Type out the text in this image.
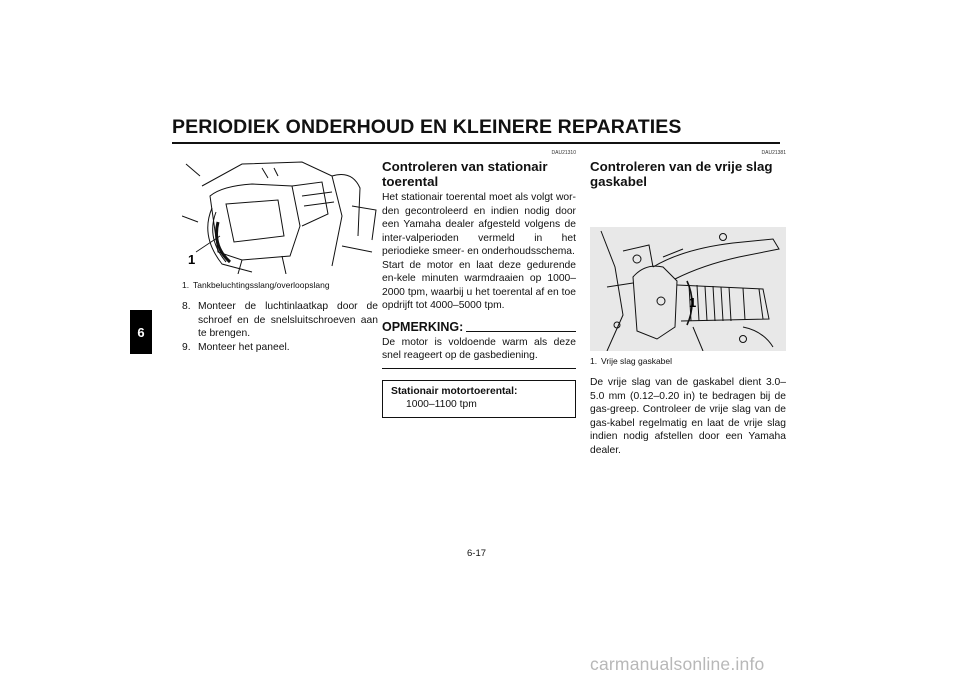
PERIODIEK ONDERHOUD EN KLEINERE REPARATIES
6
1
1. Tankbeluchtingsslang/overloopslang
8. Monteer de luchtinlaatkap door de schroef en de snelsluitschroeven aan te brengen.
9. Monteer het paneel.
DAU21310
Controleren van stationair toerental
Het stationair toerental moet als volgt wor-den gecontroleerd en indien nodig door een Yamaha dealer afgesteld volgens de inter-valperioden vermeld in het periodieke smeer- en onderhoudsschema.
Start de motor en laat deze gedurende en-kele minuten warmdraaien op 1000–2000 tpm, waarbij u het toerental af en toe opdrijft tot 4000–5000 tpm.
OPMERKING:
De motor is voldoende warm als deze snel reageert op de gasbediening.
Stationair motortoerental:
1000–1100 tpm
DAU21381
Controleren van de vrije slag gaskabel
1
1. Vrije slag gaskabel
De vrije slag van de gaskabel dient 3.0–5.0 mm (0.12–0.20 in) te bedragen bij de gas-greep. Controleer de vrije slag van de gas-kabel regelmatig en laat de vrije slag indien nodig afstellen door een Yamaha dealer.
6-17
carmanualsonline.info
